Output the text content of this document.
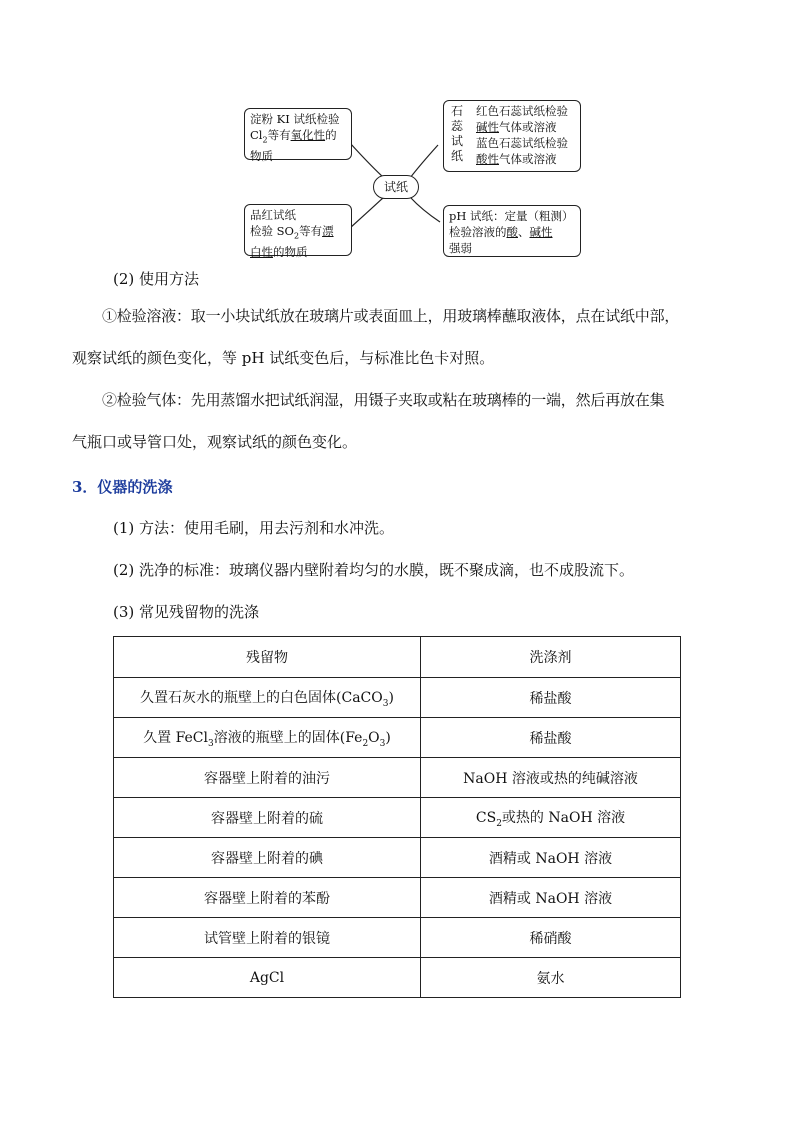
试纸
淀粉 KI 试纸检验
$Cl_2$等有氧化性的
物质
品红试纸
检验 $SO_2$等有漂
白性的物质
红色石蕊试纸检验
碱性气体或溶液
蓝色石蕊试纸检验
酸性气体或溶液
石蕊试纸
pH 试纸：定量（粗测）
检验溶液的酸、碱性
强弱
(2) 使用方法
①检验溶液：取一小块试纸放在玻璃片或表面皿上，用玻璃棒蘸取液体，点在试纸中部，
观察试纸的颜色变化，等 pH 试纸变色后，与标准比色卡对照。
②检验气体：先用蒸馏水把试纸润湿，用镊子夹取或粘在玻璃棒的一端，然后再放在集
气瓶口或导管口处，观察试纸的颜色变化。
3．仪器的洗涤
(1) 方法：使用毛刷，用去污剂和水冲洗。
(2) 洗净的标准：玻璃仪器内壁附着均匀的水膜，既不聚成滴，也不成股流下。
(3) 常见残留物的洗涤
残留物	洗涤剂
久置石灰水的瓶壁上的白色固体(CaCO$_3$)	稀盐酸
久置 FeCl$_3$溶液的瓶壁上的固体$(Fe_2O_3)$	稀盐酸
容器壁上附着的油污	NaOH 溶液或热的纯碱溶液
容器壁上附着的硫	$CS_2$或热的 NaOH 溶液
容器壁上附着的碘	酒精或 NaOH 溶液
容器壁上附着的苯酚	酒精或 NaOH 溶液
试管壁上附着的银镜	稀硝酸
AgCl	氨水
